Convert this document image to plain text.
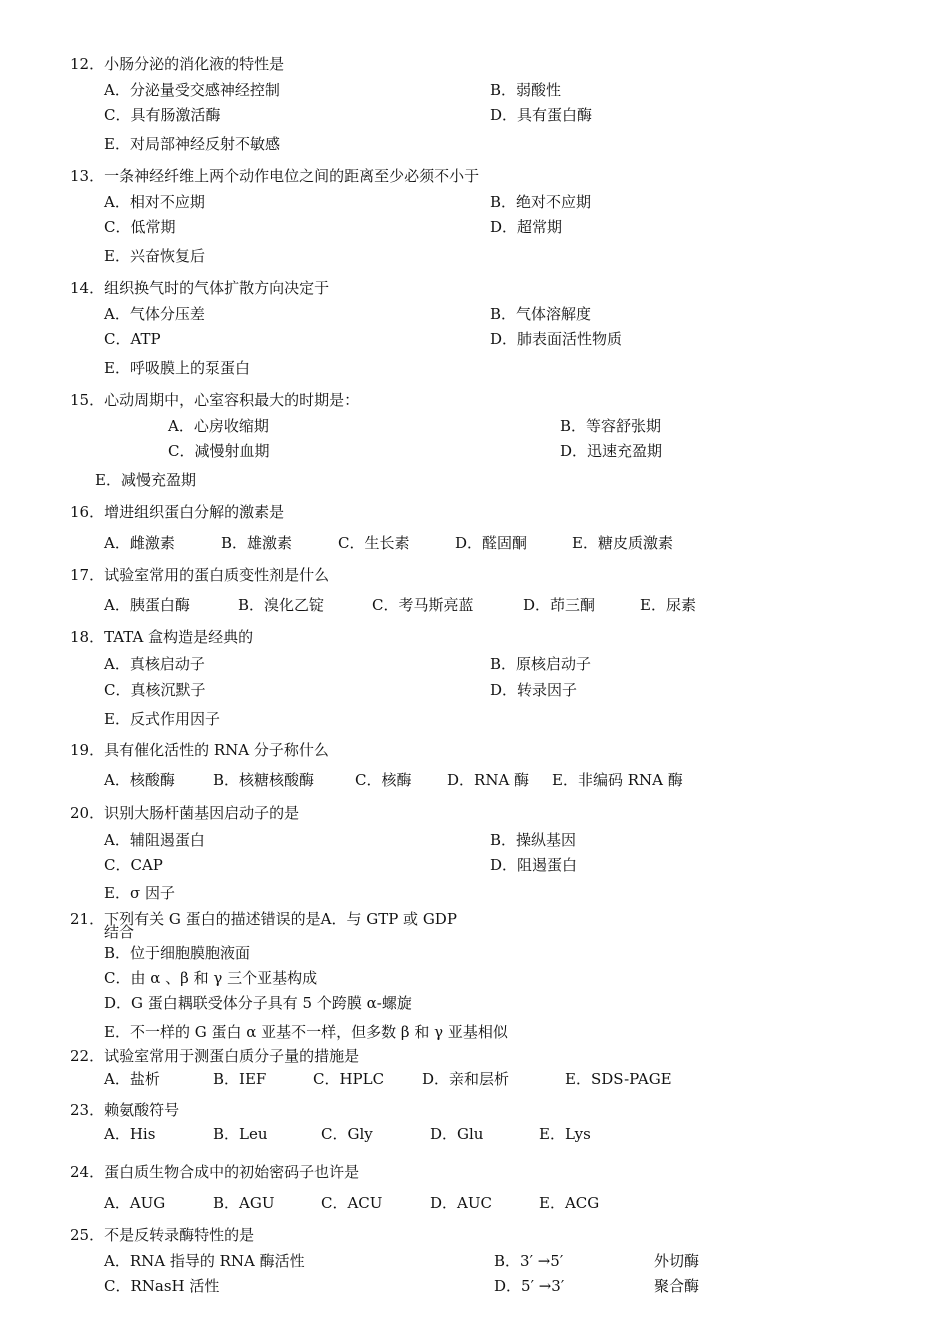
12．小肠分泌的消化液的特性是
A．分泌量受交感神经控制	B．弱酸性
C．具有肠激活酶	D．具有蛋白酶
E．对局部神经反射不敏感
13．一条神经纤维上两个动作电位之间的距离至少必须不小于
A．相对不应期	B．绝对不应期
C．低常期	D．超常期
E．兴奋恢复后
14．组织换气时的气体扩散方向决定于
A．气体分压差	B．气体溶解度
C．ATP	D．肺表面活性物质
E．呼吸膜上的泵蛋白
15．心动周期中，心室容积最大的时期是：
A．心房收缩期	B．等容舒张期
C．减慢射血期	D．迅速充盈期
E．减慢充盈期
16．增进组织蛋白分解的激素是
A．雌激素	B．雄激素	C．生长素	D．醛固酮	E．糖皮质激素
17．试验室常用的蛋白质变性剂是什么
A．胰蛋白酶	B．溴化乙锭	C．考马斯亮蓝	D．茚三酮	E．尿素
18．TATA 盒构造是经典的
A．真核启动子	B．原核启动子
C．真核沉默子	D．转录因子
E．反式作用因子
19．具有催化活性的 RNA 分子称什么
A．核酸酶	B．核糖核酸酶	C．核酶 D．RNA 酶 E．非编码 RNA 酶
20．识别大肠杆菌基因启动子的是
A．辅阻遏蛋白	B．操纵基因
C．CAP	D．阻遏蛋白
E．σ 因子
21．下列有关 G 蛋白的描述错误的是A．与 GTP 或 GDP
结合
B．位于细胞膜胞液面
C．由 α 、β 和 γ 三个亚基构成
D．G 蛋白耦联受体分子具有 5 个跨膜 α-螺旋
E．不一样的 G 蛋白 α 亚基不一样，但多数 β 和 γ 亚基相似
22．试验室常用于测蛋白质分子量的措施是
A．盐析	B．IEF	C．HPLC	D．亲和层析	E．SDS-PAGE
23．赖氨酸符号
A．His	B．Leu	C．Gly	D．Glu	E．Lys
24．蛋白质生物合成中的初始密码子也许是
A．AUG	B．AGU	C．ACU	D．AUC	E．ACG
25．不是反转录酶特性的是
A．RNA 指导的 RNA 酶活性	B．3′ →5′	外切酶
C．RNasH 活性	D．5′ →3′	聚合酶
